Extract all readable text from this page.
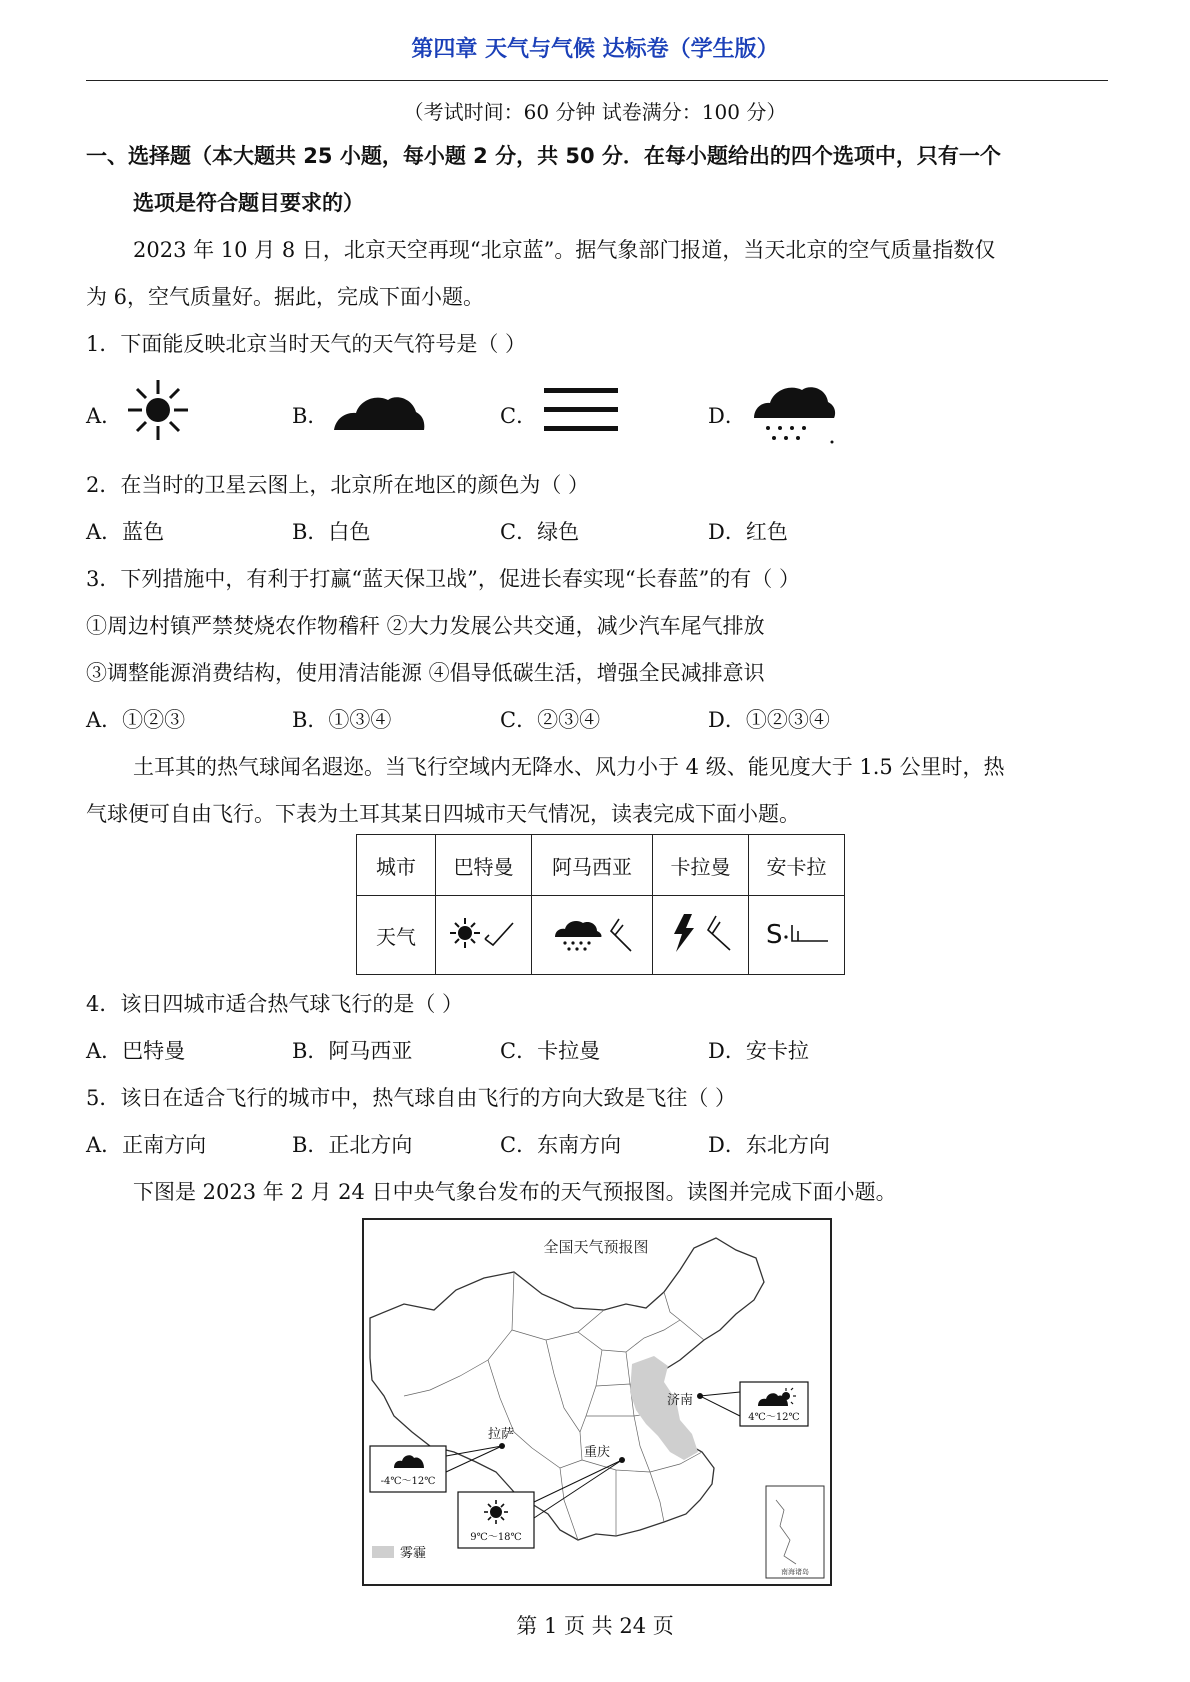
第四章 天气与气候 达标卷（学生版）
（考试时间：60 分钟 试卷满分：100 分）
一、选择题（本大题共 25 小题，每小题 2 分，共 50 分．在每小题给出的四个选项中，只有一个
选项是符合题目要求的）
2023 年 10 月 8 日，北京天空再现“北京蓝”。据气象部门报道，当天北京的空气质量指数仅
为 6，空气质量好。据此，完成下面小题。
1．下面能反映北京当时天气的天气符号是（ ）
A．	B．	C．	D．
2．在当时的卫星云图上，北京所在地区的颜色为（ ）
A．蓝色	B．白色	C．绿色	D．红色
3．下列措施中，有利于打赢“蓝天保卫战”，促进长春实现“长春蓝”的有（ ）
①周边村镇严禁焚烧农作物稽秆 ②大力发展公共交通，减少汽车尾气排放
③调整能源消费结构，使用清洁能源 ④倡导低碳生活，增强全民减排意识
A．①②③	B．①③④	C．②③④	D．①②③④
土耳其的热气球闻名遐迩。当飞行空域内无降水、风力小于 4 级、能见度大于 1.5 公里时，热
气球便可自由飞行。下表为土耳其某日四城市天气情况，读表完成下面小题。
城市	巴特曼	阿马西亚	卡拉曼	安卡拉
天气				S
4．该日四城市适合热气球飞行的是（ ）
A．巴特曼	B．阿马西亚	C．卡拉曼	D．安卡拉
5．该日在适合飞行的城市中，热气球自由飞行的方向大致是飞往（ ）
A．正南方向	B．正北方向	C．东南方向	D．东北方向
下图是 2023 年 2 月 24 日中央气象台发布的天气预报图。读图并完成下面小题。
全国天气预报图
南海诸岛
济南
4℃～12℃
拉萨
-4℃～12℃
重庆
9℃～18℃
雾霾
第 1 页 共 24 页
